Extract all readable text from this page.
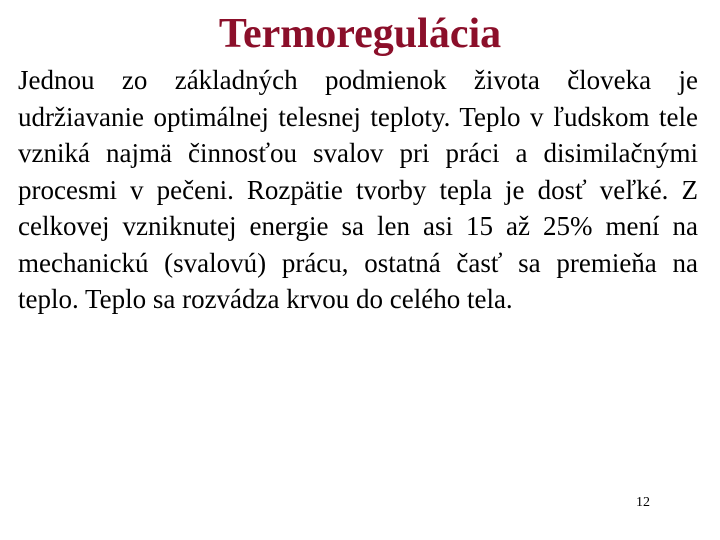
Termoregulácia

Jednou zo základných podmienok života človeka je udržiavanie optimálnej telesnej teploty. Teplo v ľudskom tele vzniká najmä činnosťou svalov pri práci a disimilačnými procesmi v pečeni. Rozpätie tvorby tepla je dosť veľké. Z celkovej vzniknutej energie sa len asi 15 až 25% mení na mechanickú (svalovú) prácu, ostatná časť sa premieňa na teplo. Teplo sa rozvádza krvou do celého tela.

12
